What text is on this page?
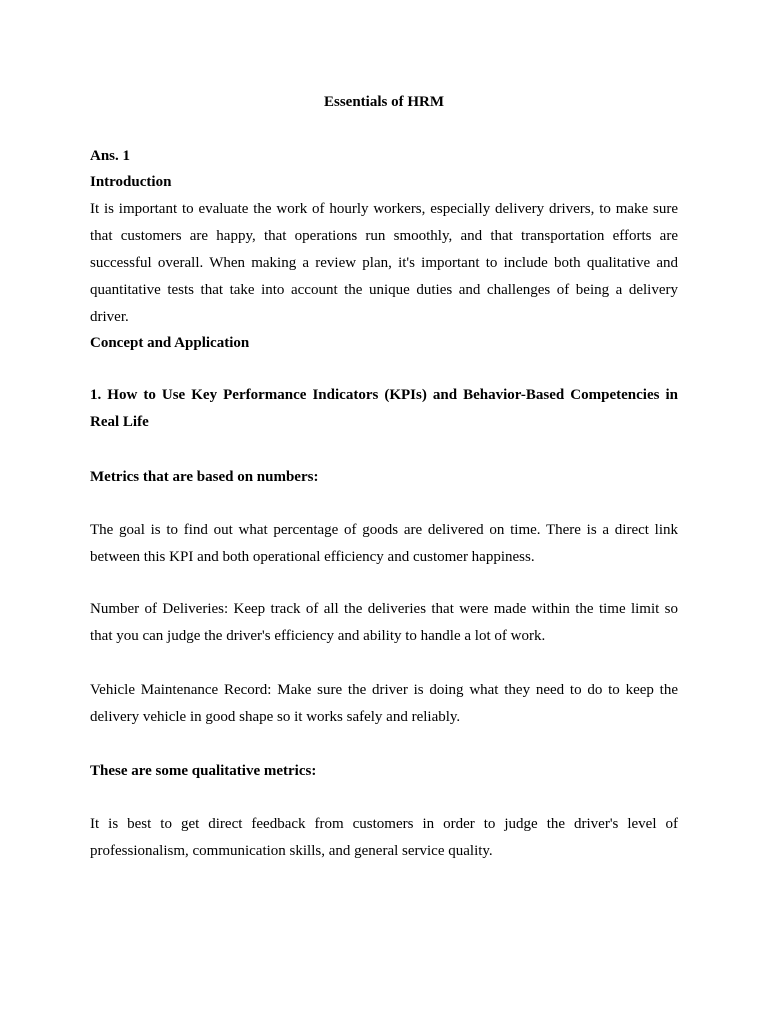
Essentials of HRM
Ans. 1
Introduction

It is important to evaluate the work of hourly workers, especially delivery drivers, to make sure that customers are happy, that operations run smoothly, and that transportation efforts are successful overall. When making a review plan, it's important to include both qualitative and quantitative tests that take into account the unique duties and challenges of being a delivery driver.

Concept and Application
1. How to Use Key Performance Indicators (KPIs) and Behavior-Based Competencies in Real Life
Metrics that are based on numbers:

The goal is to find out what percentage of goods are delivered on time. There is a direct link between this KPI and both operational efficiency and customer happiness.

Number of Deliveries: Keep track of all the deliveries that were made within the time limit so that you can judge the driver's efficiency and ability to handle a lot of work.

Vehicle Maintenance Record: Make sure the driver is doing what they need to do to keep the delivery vehicle in good shape so it works safely and reliably.

These are some qualitative metrics:

It is best to get direct feedback from customers in order to judge the driver's level of professionalism, communication skills, and general service quality.
